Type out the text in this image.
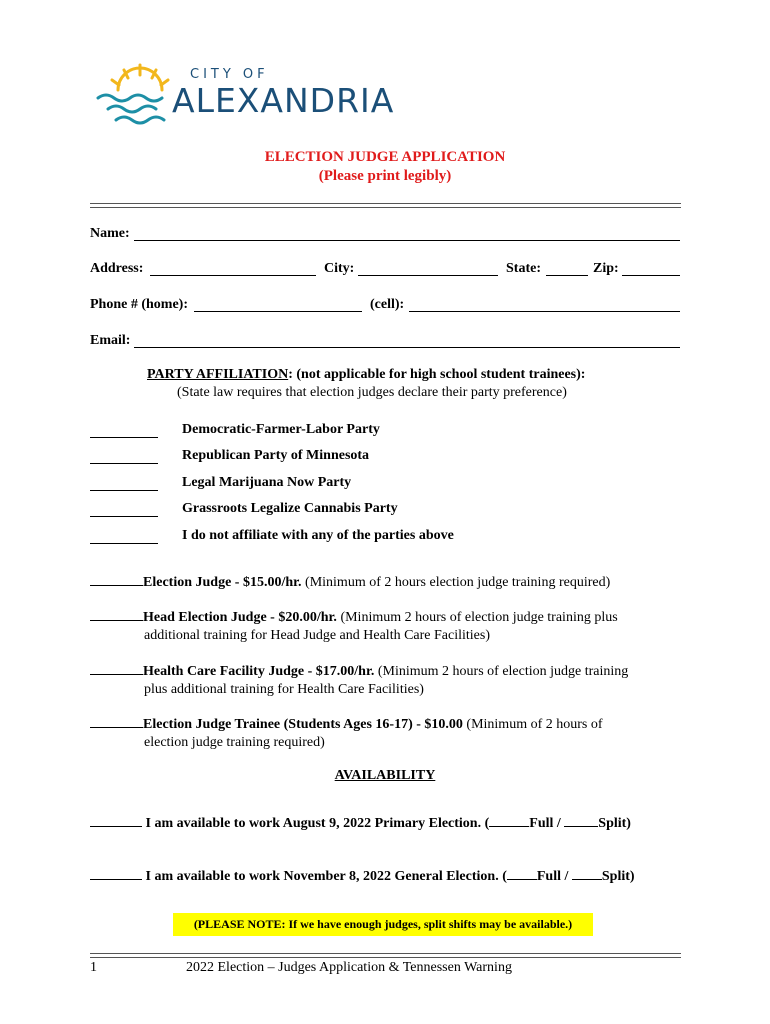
CITY OF
ALEXANDRIA
ELECTION JUDGE APPLICATION
(Please print legibly)
Name:
Address:	City:	State:	Zip:
Phone # (home):	(cell):
Email:
PARTY AFFILIATION: (not applicable for high school student trainees):
(State law requires that election judges declare their party preference)
Democratic-Farmer-Labor Party
Republican Party of Minnesota
Legal Marijuana Now Party
Grassroots Legalize Cannabis Party
I do not affiliate with any of the parties above
Election Judge - $15.00/hr. (Minimum of 2 hours election judge training required)
Head Election Judge - $20.00/hr. (Minimum 2 hours of election judge training plus
additional training for Head Judge and Health Care Facilities)
Health Care Facility Judge - $17.00/hr. (Minimum 2 hours of election judge training
plus additional training for Health Care Facilities)
Election Judge Trainee (Students Ages 16-17) - $10.00 (Minimum of 2 hours of
election judge training required)
AVAILABILITY
I am available to work August 9, 2022 Primary Election. (	Full / Split)
I am available to work November 8, 2022 General Election. ( Full / Split)
(PLEASE NOTE: If we have enough judges, split shifts may be available.)
1	2022 Election – Judges Application & Tennessen Warning
